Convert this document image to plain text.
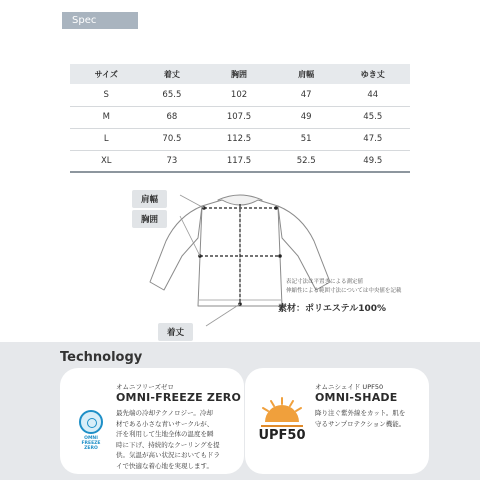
Spec
サイズ	着丈	胸囲	肩幅	ゆき丈
S	65.5	102	47	44
M	68	107.5	49	45.5
L	70.5	112.5	51	47.5
XL	73	117.5	52.5	49.5
肩幅
胸囲
着丈
表記寸法は平置きによる測定値
伸縮性による範囲寸法については中央値を記載
素材：ポリエステル100%
Technology
OMNI
FREEZE
ZERO
オムニフリーズゼロ
OMNI-FREEZE ZERO
最先端の冷却テクノロジー。冷却
材である小さな青いサークルが、
汗を利用して生地全体の温度を瞬
時に下げ、持続的なクーリングを提
供。気温が高い状況においてもドラ
イで快適な着心地を実現します。
UPF50
オムニシェイド UPF50
OMNI-SHADE
降り注ぐ紫外線をカット。肌を
守るサンプロテクション機能。
